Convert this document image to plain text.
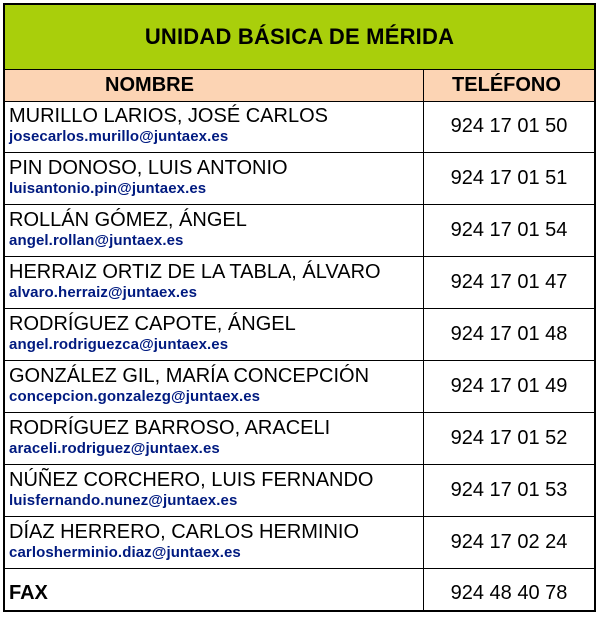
UNIDAD BÁSICA DE MÉRIDA
NOMBRE	TELÉFONO
MURILLO LARIOS, JOSÉ CARLOS
josecarlos.murillo@juntaex.es	924 17 01 50
PIN DONOSO, LUIS ANTONIO
luisantonio.pin@juntaex.es	924 17 01 51
ROLLÁN GÓMEZ, ÁNGEL
angel.rollan@juntaex.es	924 17 01 54
HERRAIZ ORTIZ DE LA TABLA, ÁLVARO
alvaro.herraiz@juntaex.es	924 17 01 47
RODRÍGUEZ CAPOTE, ÁNGEL
angel.rodriguezca@juntaex.es	924 17 01 48
GONZÁLEZ GIL, MARÍA CONCEPCIÓN
concepcion.gonzalezg@juntaex.es	924 17 01 49
RODRÍGUEZ BARROSO, ARACELI
araceli.rodriguez@juntaex.es	924 17 01 52
NÚÑEZ CORCHERO, LUIS FERNANDO
luisfernando.nunez@juntaex.es	924 17 01 53
DÍAZ HERRERO, CARLOS HERMINIO
carlosherminio.diaz@juntaex.es	924 17 02 24
FAX	924 48 40 78
